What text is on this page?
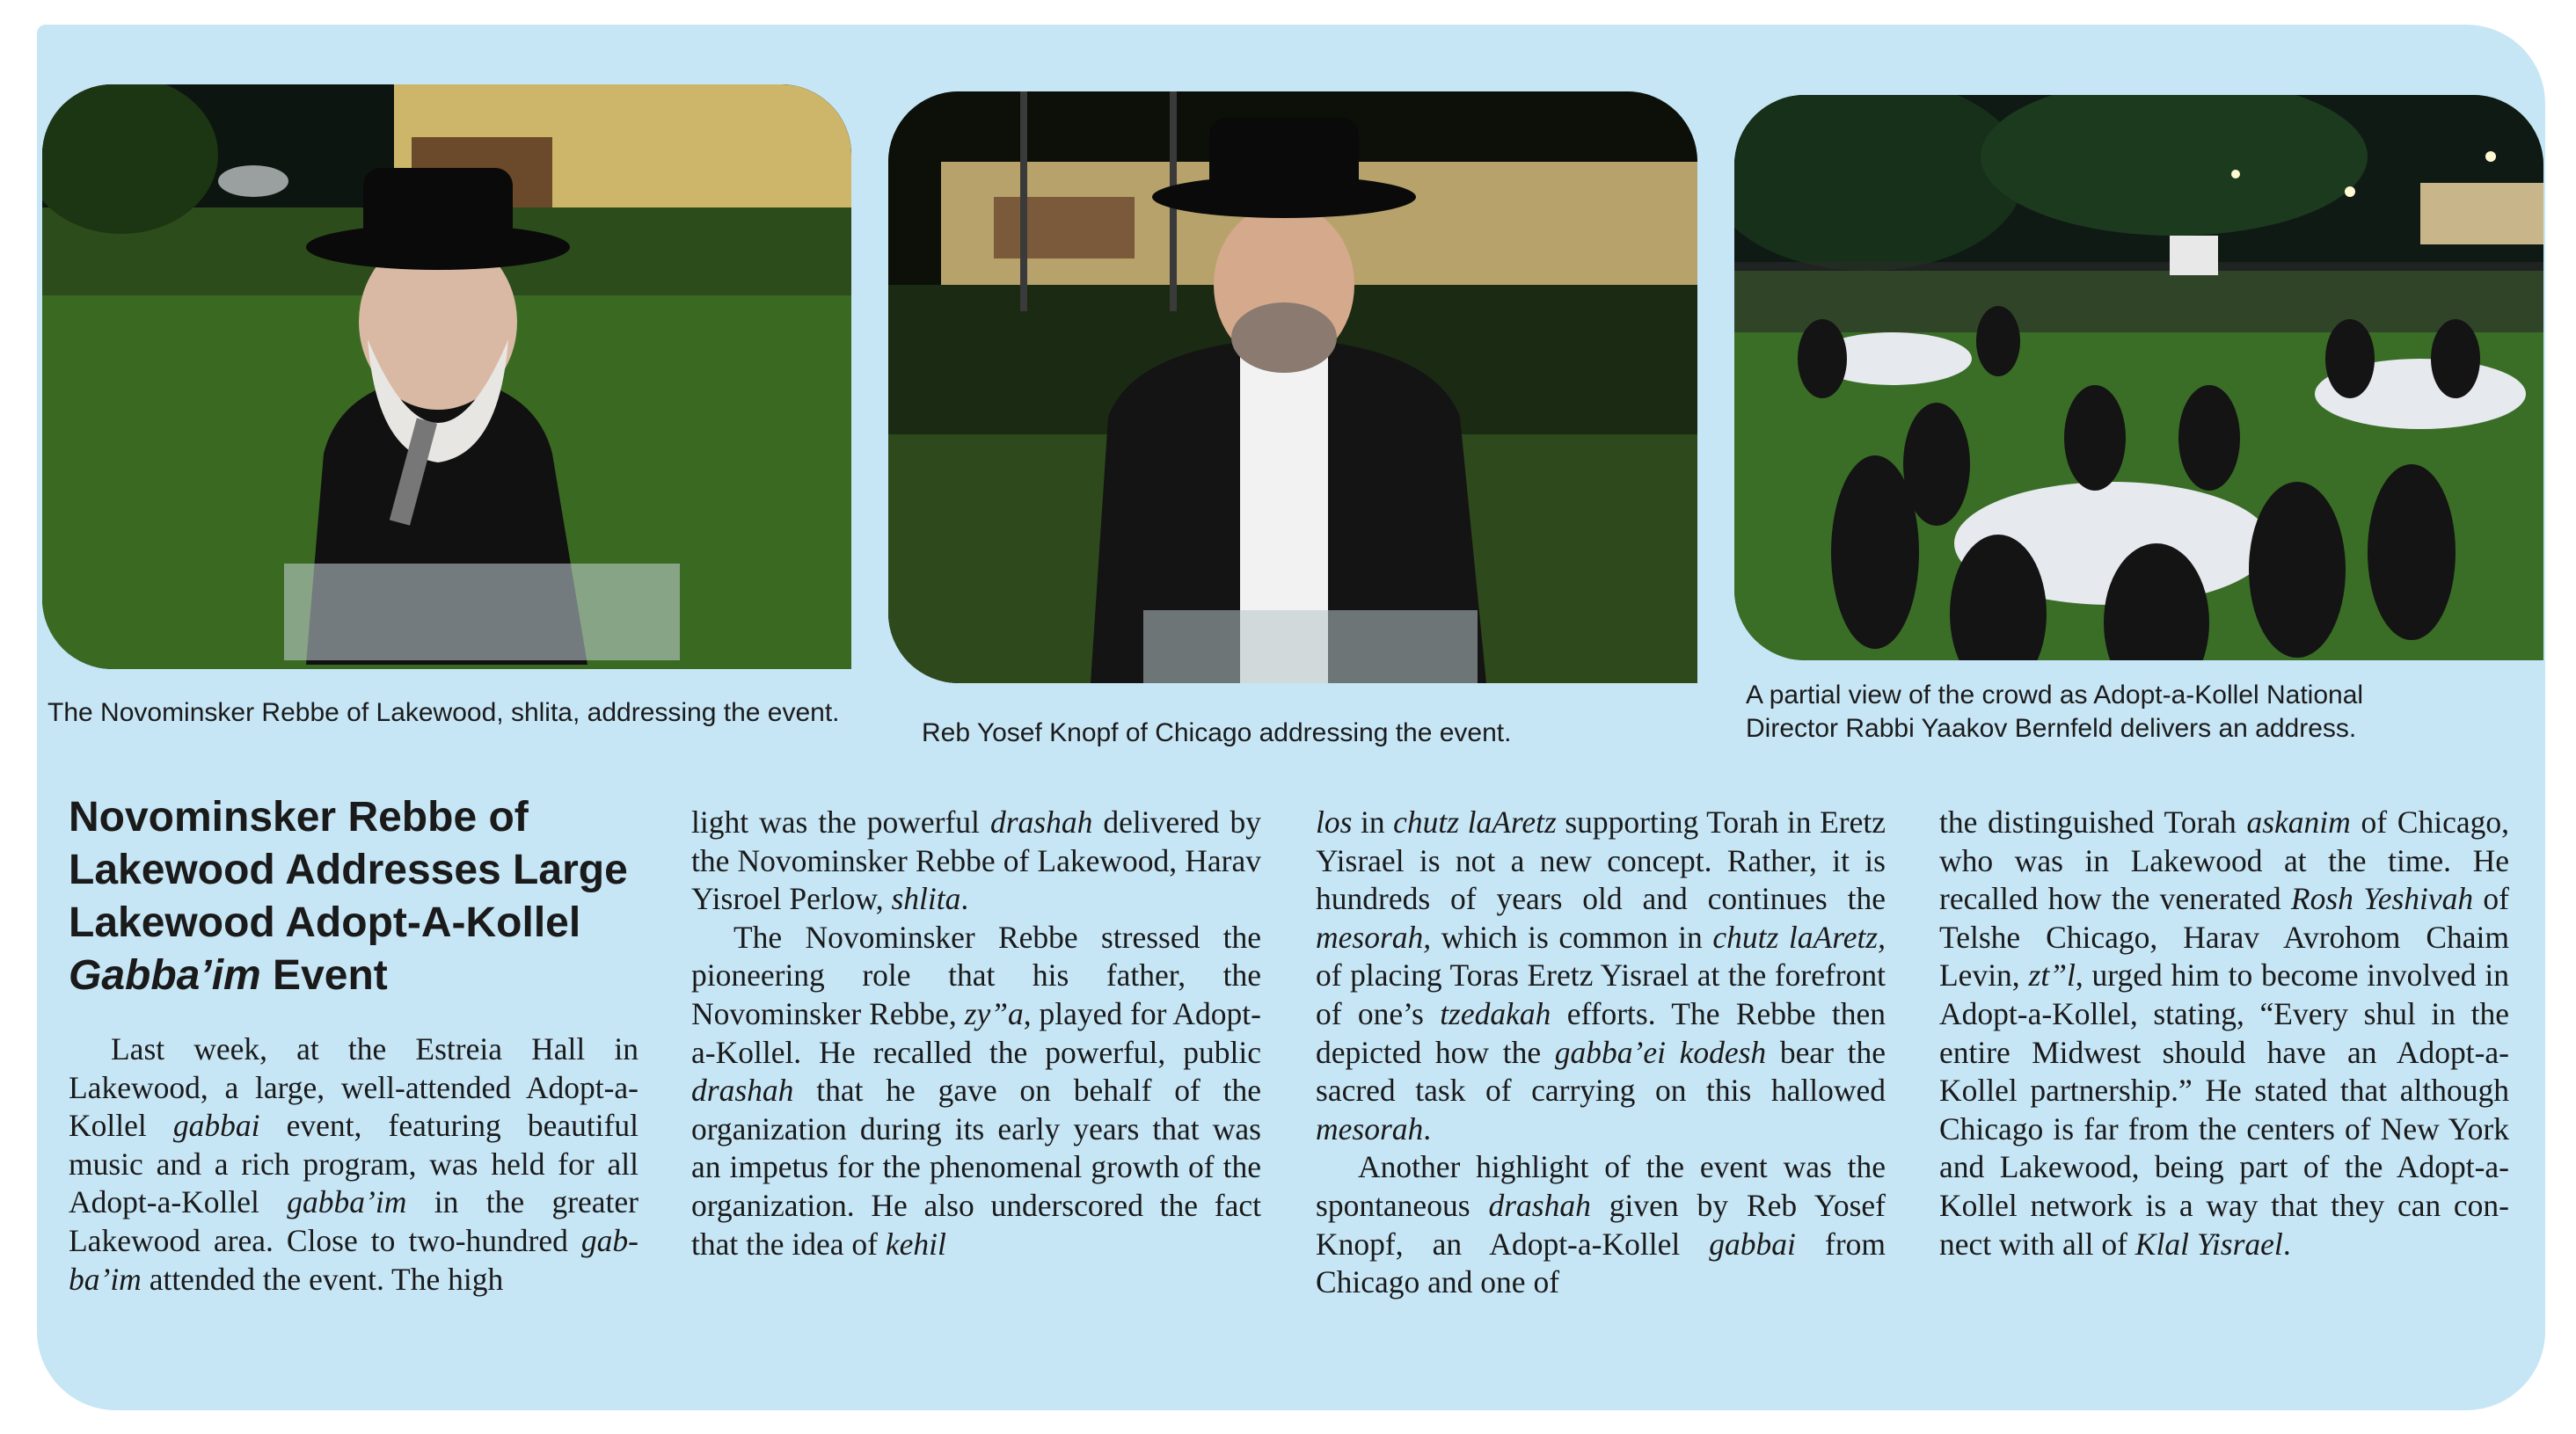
The Novominsker Rebbe of Lakewood, shlita, addressing the event.
Reb Yosef Knopf of Chicago addressing the event.
A partial view of the crowd as Adopt-a-Kollel National
Director Rabbi Yaakov Bernfeld delivers an address.
Novominsker Rebbe of Lakewood Addresses Large Lakewood Adopt-A-Kollel Gabba’im Event

Last week, at the Estreia Hall in Lakewood, a large, well-attended Adopt-a-Kollel gabbai event, featuring beautiful music and a rich program, was held for all Adopt-a-Kollel gabba’im in the greater Lakewood area. Close to two-hundred gabba’im attended the event. The high

light was the powerful drashah delivered by the Novominsker Rebbe of Lakewood, Harav Yisroel Perlow, shlita.

The Novominsker Rebbe stressed the pioneering role that his father, the Novominsker Rebbe, zy”a, played for Adopt-a-Kollel. He recalled the powerful, public drashah that he gave on behalf of the organization during its early years that was an impetus for the phenomenal growth of the organization. He also underscored the fact that the idea of kehil

los in chutz laAretz supporting Torah in Eretz Yisrael is not a new concept. Rather, it is hundreds of years old and continues the mesorah, which is common in chutz laAretz, of placing Toras Eretz Yisrael at the forefront of one’s tzedakah efforts. The Rebbe then depicted how the gabba’ei kodesh bear the sacred task of carrying on this hallowed mesorah.

Another highlight of the event was the spontaneous drashah given by Reb Yosef Knopf, an Adopt-a-Kollel gabbai from Chicago and one of

the distinguished Torah askanim of Chicago, who was in Lakewood at the time. He recalled how the venerated Rosh Yeshivah of Telshe Chicago, Harav Avrohom Chaim Levin, zt”l, urged him to become involved in Adopt-a-Kollel, stating, “Every shul in the entire Midwest should have an Adopt-a-Kollel partnership.” He stated that although Chicago is far from the centers of New York and Lakewood, being part of the Adopt-a-Kollel network is a way that they can connect with all of Klal Yisrael.
